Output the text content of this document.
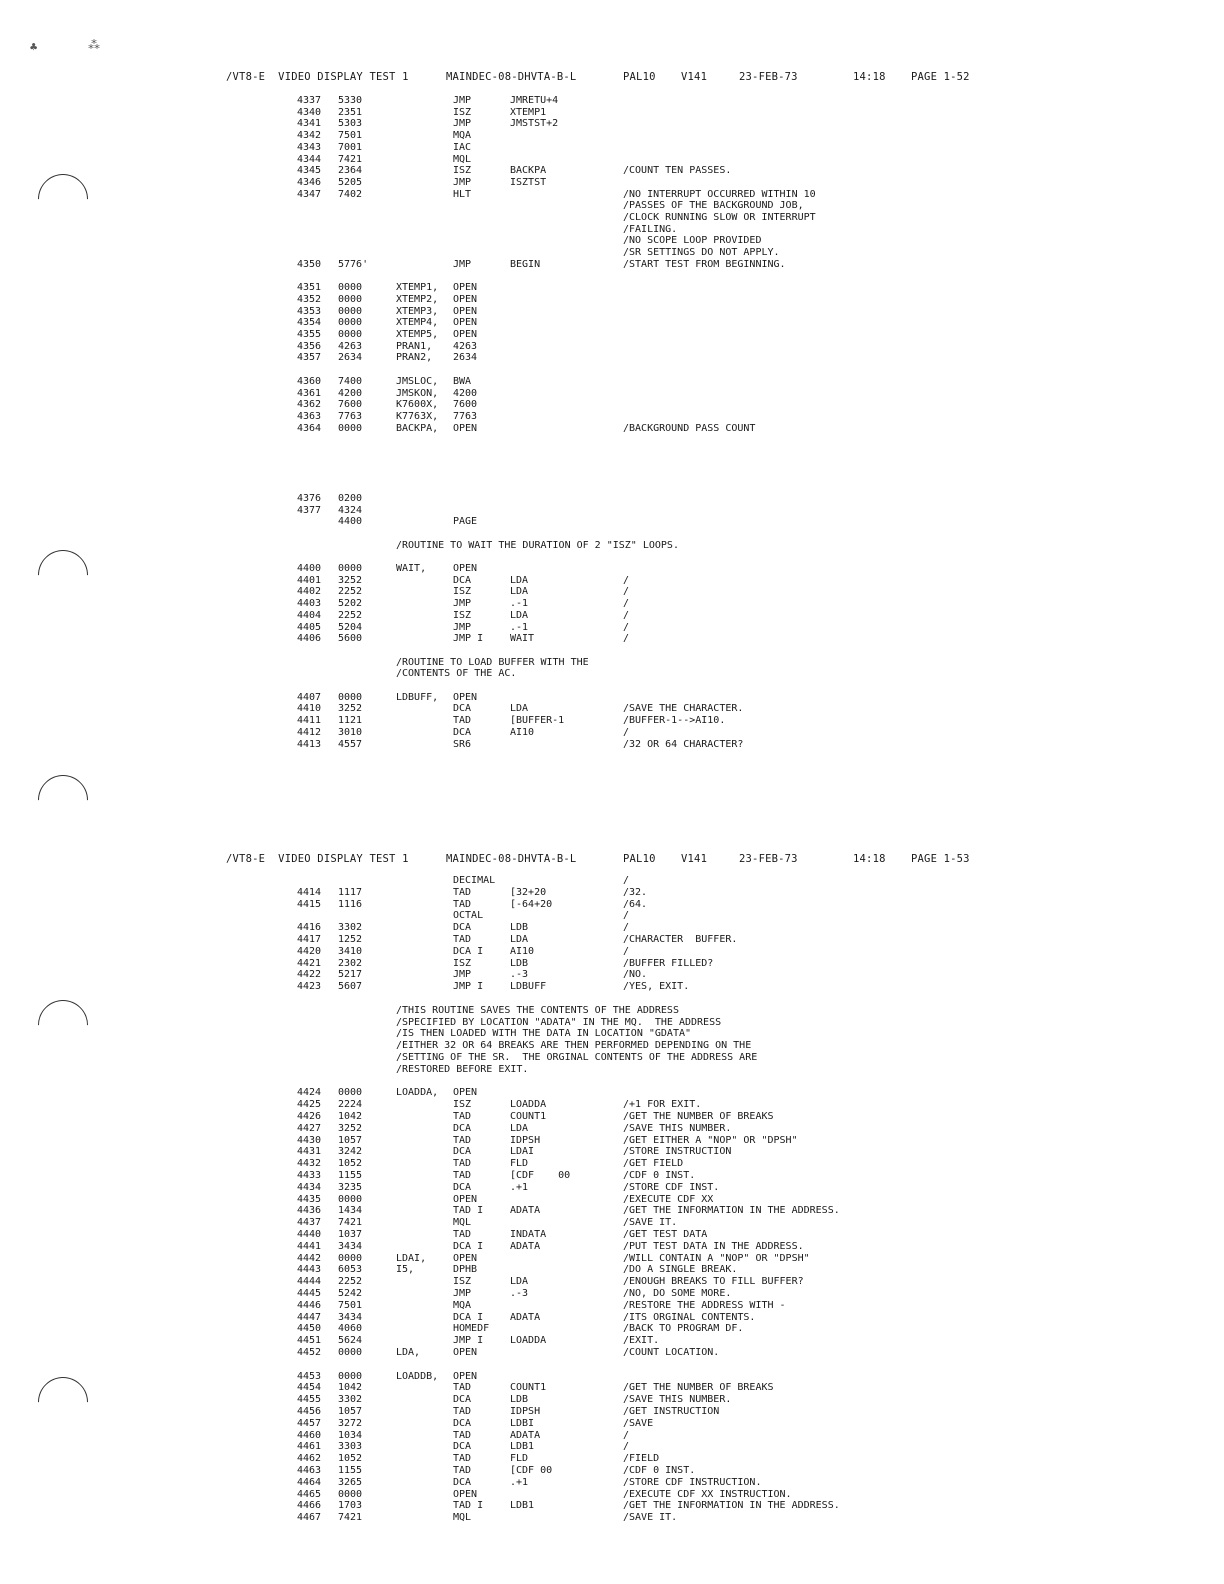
♣	⁂
/VT8-E  VIDEO DISPLAY TEST 1	MAINDEC-08-DHVTA-B-L	PAL10 V141	23-FEB-73	14:18 PAGE 1-52
4337 5330	JMP	JMRETU+4
4340 2351	ISZ	XTEMP1
4341 5303	JMP	JMSTST+2
4342 7501	MQA
4343 7001	IAC
4344 7421	MQL
4345 2364	ISZ	BACKPA	/COUNT TEN PASSES.
4346 5205	JMP	ISZTST
4347 7402	HLT	/NO INTERRUPT OCCURRED WITHIN 10
/PASSES OF THE BACKGROUND JOB,
/CLOCK RUNNING SLOW OR INTERRUPT
/FAILING.
/NO SCOPE LOOP PROVIDED
/SR SETTINGS DO NOT APPLY.
4350 5776'	JMP	BEGIN	/START TEST FROM BEGINNING.
4351 0000	XTEMP1, OPEN
4352 0000	XTEMP2, OPEN
4353 0000	XTEMP3, OPEN
4354 0000	XTEMP4, OPEN
4355 0000	XTEMP5, OPEN
4356 4263	PRAN1, 4263
4357 2634	PRAN2, 2634
4360 7400	JMSLOC, BWA
4361 4200	JMSKON, 4200
4362 7600	K7600X, 7600
4363 7763	K7763X, 7763
4364 0000	BACKPA, OPEN	/BACKGROUND PASS COUNT
4376 0200
4377 4324
4400	PAGE
/ROUTINE TO WAIT THE DURATION OF 2 "ISZ" LOOPS.
4400 0000	WAIT,	OPEN
4401 3252	DCA	LDA	/
4402 2252	ISZ	LDA	/
4403 5202	JMP	.-1	/
4404 2252	ISZ	LDA	/
4405 5204	JMP	.-1	/
4406 5600	JMP I	WAIT	/
/ROUTINE TO LOAD BUFFER WITH THE
/CONTENTS OF THE AC.
4407 0000	LDBUFF, OPEN
4410 3252	DCA	LDA	/SAVE THE CHARACTER.
4411 1121	TAD	[BUFFER-1	/BUFFER-1-->AI10.
4412 3010	DCA	AI10	/
4413 4557	SR6	/32 OR 64 CHARACTER?
/VT8-E  VIDEO DISPLAY TEST 1	MAINDEC-08-DHVTA-B-L	PAL10 V141	23-FEB-73	14:18 PAGE 1-53
DECIMAL	/
4414 1117	TAD	[32+20	/32.
4415 1116	TAD	[-64+20	/64.
OCTAL	/
4416 3302	DCA	LDB	/
4417 1252	TAD	LDA	/CHARACTER  BUFFER.
4420 3410	DCA I	AI10	/
4421 2302	ISZ	LDB	/BUFFER FILLED?
4422 5217	JMP	.-3	/NO.
4423 5607	JMP I	LDBUFF	/YES, EXIT.
/THIS ROUTINE SAVES THE CONTENTS OF THE ADDRESS
/SPECIFIED BY LOCATION "ADATA" IN THE MQ.  THE ADDRESS
/IS THEN LOADED WITH THE DATA IN LOCATION "GDATA"
/EITHER 32 OR 64 BREAKS ARE THEN PERFORMED DEPENDING ON THE
/SETTING OF THE SR.  THE ORGINAL CONTENTS OF THE ADDRESS ARE
/RESTORED BEFORE EXIT.
4424 0000	LOADDA, OPEN
4425 2224	ISZ	LOADDA	/+1 FOR EXIT.
4426 1042	TAD	COUNT1	/GET THE NUMBER OF BREAKS
4427 3252	DCA	LDA	/SAVE THIS NUMBER.
4430 1057	TAD	IDPSH	/GET EITHER A "NOP" OR "DPSH"
4431 3242	DCA	LDAI	/STORE INSTRUCTION
4432 1052	TAD	FLD	/GET FIELD
4433 1155	TAD	[CDF    00	/CDF 0 INST.
4434 3235	DCA	.+1	/STORE CDF INST.
4435 0000	OPEN	/EXECUTE CDF XX
4436 1434	TAD I	ADATA	/GET THE INFORMATION IN THE ADDRESS.
4437 7421	MQL	/SAVE IT.
4440 1037	TAD	INDATA	/GET TEST DATA
4441 3434	DCA I	ADATA	/PUT TEST DATA IN THE ADDRESS.
4442 0000	LDAI,	OPEN	/WILL CONTAIN A "NOP" OR "DPSH"
4443 6053	I5,	DPHB	/DO A SINGLE BREAK.
4444 2252	ISZ	LDA	/ENOUGH BREAKS TO FILL BUFFER?
4445 5242	JMP	.-3	/NO, DO SOME MORE.
4446 7501	MQA	/RESTORE THE ADDRESS WITH -
4447 3434	DCA I	ADATA	/ITS ORGINAL CONTENTS.
4450 4060	HOMEDF	/BACK TO PROGRAM DF.
4451 5624	JMP I	LOADDA	/EXIT.
4452 0000	LDA,	OPEN	/COUNT LOCATION.
4453 0000	LOADDB, OPEN
4454 1042	TAD	COUNT1	/GET THE NUMBER OF BREAKS
4455 3302	DCA	LDB	/SAVE THIS NUMBER.
4456 1057	TAD	IDPSH	/GET INSTRUCTION
4457 3272	DCA	LDBI	/SAVE
4460 1034	TAD	ADATA	/
4461 3303	DCA	LDB1	/
4462 1052	TAD	FLD	/FIELD
4463 1155	TAD	[CDF 00	/CDF 0 INST.
4464 3265	DCA	.+1	/STORE CDF INSTRUCTION.
4465 0000	OPEN	/EXECUTE CDF XX INSTRUCTION.
4466 1703	TAD I	LDB1	/GET THE INFORMATION IN THE ADDRESS.
4467 7421	MQL	/SAVE IT.
